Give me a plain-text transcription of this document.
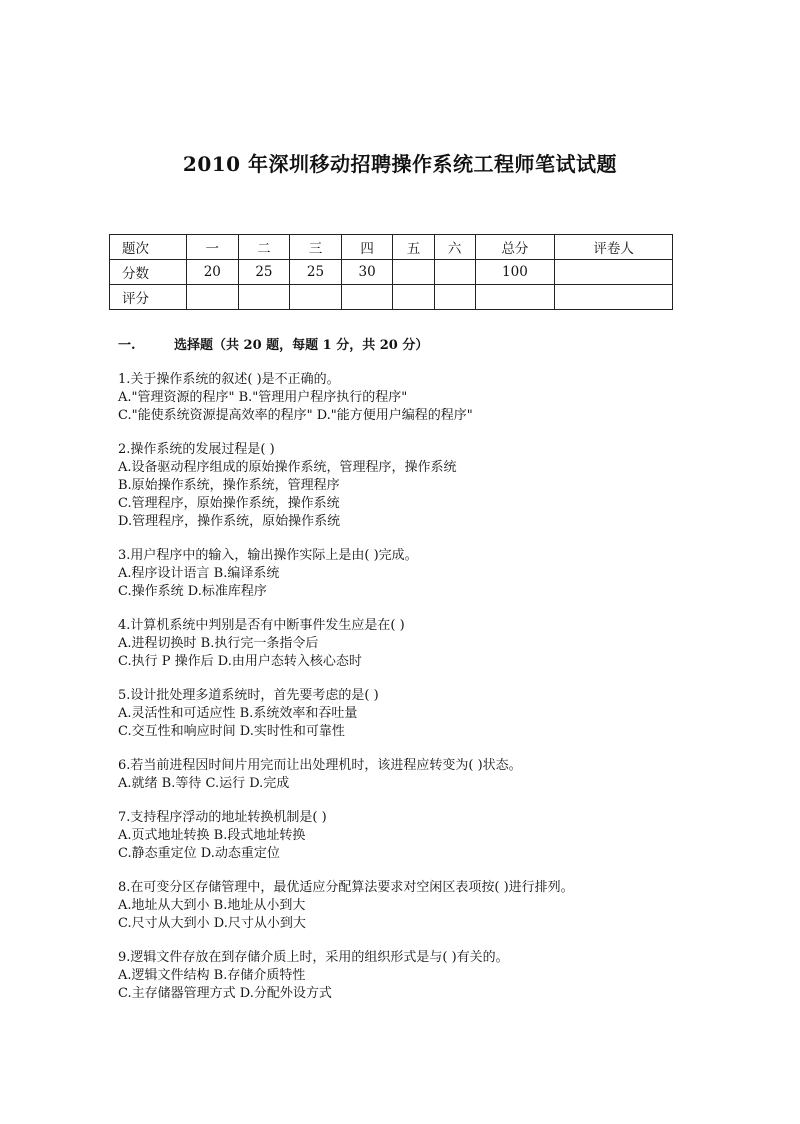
2010 年深圳移动招聘操作系统工程师笔试试题
题次	一	二	三	四	五	六	总分	评卷人
分数	20	25	25	30			100	
评分								
一.	选择题（共 20 题，每题 1 分，共 20 分）
1.关于操作系统的叙述( )是不正确的。
A."管理资源的程序" B."管理用户程序执行的程序"
C."能使系统资源提高效率的程序" D."能方便用户编程的程序"
2.操作系统的发展过程是( )
A.设备驱动程序组成的原始操作系统，管理程序，操作系统
B.原始操作系统，操作系统，管理程序
C.管理程序，原始操作系统，操作系统
D.管理程序，操作系统，原始操作系统
3.用户程序中的输入，输出操作实际上是由( )完成。
A.程序设计语言 B.编译系统
C.操作系统 D.标准库程序
4.计算机系统中判别是否有中断事件发生应是在( )
A.进程切换时 B.执行完一条指令后
C.执行 P 操作后 D.由用户态转入核心态时
5.设计批处理多道系统时，首先要考虑的是( )
A.灵活性和可适应性 B.系统效率和吞吐量
C.交互性和响应时间 D.实时性和可靠性
6.若当前进程因时间片用完而让出处理机时，该进程应转变为( )状态。
A.就绪 B.等待 C.运行 D.完成
7.支持程序浮动的地址转换机制是( )
A.页式地址转换 B.段式地址转换
C.静态重定位 D.动态重定位
8.在可变分区存储管理中，最优适应分配算法要求对空闲区表项按( )进行排列。
A.地址从大到小 B.地址从小到大
C.尺寸从大到小 D.尺寸从小到大
9.逻辑文件存放在到存储介质上时，采用的组织形式是与( )有关的。
A.逻辑文件结构 B.存储介质特性
C.主存储器管理方式 D.分配外设方式
